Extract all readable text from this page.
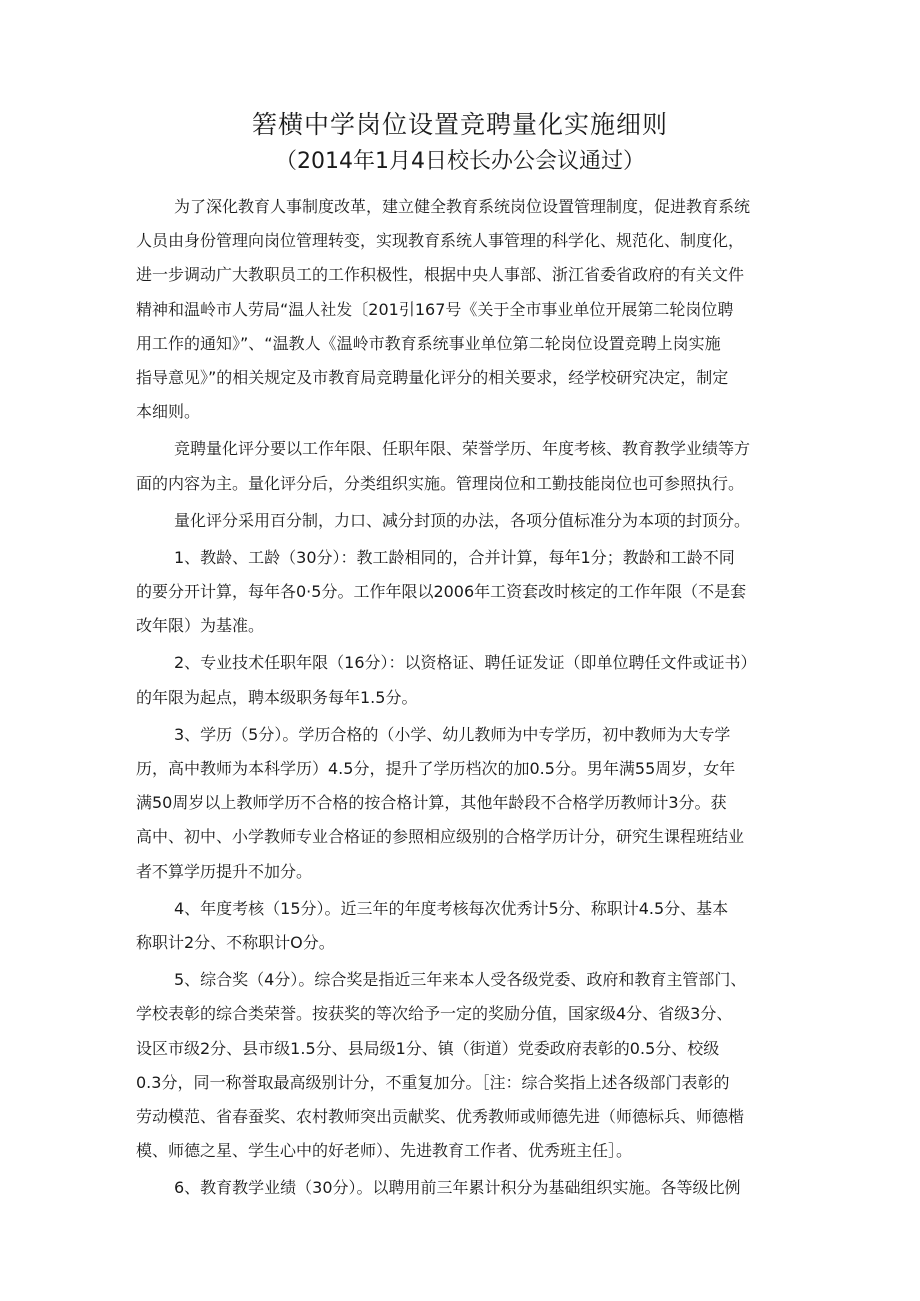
箬横中学岗位设置竞聘量化实施细则
（2014年1月4日校长办公会议通过）
为了深化教育人事制度改革，建立健全教育系统岗位设置管理制度，促进教育系统
人员由身份管理向岗位管理转变，实现教育系统人事管理的科学化、规范化、制度化，
进一步调动广大教职员工的工作积极性，根据中央人事部、浙江省委省政府的有关文件
精神和温岭市人劳局“温人社发〔201引167号《关于全市事业单位开展第二轮岗位聘
用工作的通知》”、“温教人《温岭市教育系统事业单位第二轮岗位设置竞聘上岗实施
指导意见》”的相关规定及市教育局竞聘量化评分的相关要求，经学校研究决定，制定
本细则。
竞聘量化评分要以工作年限、任职年限、荣誉学历、年度考核、教育教学业绩等方
面的内容为主。量化评分后，分类组织实施。管理岗位和工勤技能岗位也可参照执行。
量化评分采用百分制，力口、减分封顶的办法，各项分值标准分为本项的封顶分。
1、教龄、工龄（30分）：教工龄相同的，合并计算，每年1分；教龄和工龄不同
的要分开计算，每年各0·5分。工作年限以2006年工资套改时核定的工作年限（不是套
改年限）为基准。
2、专业技术任职年限（16分）：以资格证、聘任证发证（即单位聘任文件或证书）
的年限为起点，聘本级职务每年1.5分。
3、学历（5分）。学历合格的（小学、幼儿教师为中专学历，初中教师为大专学
历，高中教师为本科学历）4.5分，提升了学历档次的加0.5分。男年满55周岁，女年
满50周岁以上教师学历不合格的按合格计算，其他年龄段不合格学历教师计3分。获
高中、初中、小学教师专业合格证的参照相应级别的合格学历计分，研究生课程班结业
者不算学历提升不加分。
4、年度考核（15分）。近三年的年度考核每次优秀计5分、称职计4.5分、基本
称职计2分、不称职计O分。
5、综合奖（4分）。综合奖是指近三年来本人受各级党委、政府和教育主管部门、
学校表彰的综合类荣誉。按获奖的等次给予一定的奖励分值，国家级4分、省级3分、
设区市级2分、县市级1.5分、县局级1分、镇（街道）党委政府表彰的0.5分、校级
0.3分，同一称誉取最高级别计分，不重复加分。［注：综合奖指上述各级部门表彰的
劳动模范、省春蚕奖、农村教师突出贡献奖、优秀教师或师德先进（师德标兵、师德楷
模、师德之星、学生心中的好老师）、先进教育工作者、优秀班主任］。
6、教育教学业绩（30分）。以聘用前三年累计积分为基础组织实施。各等级比例
